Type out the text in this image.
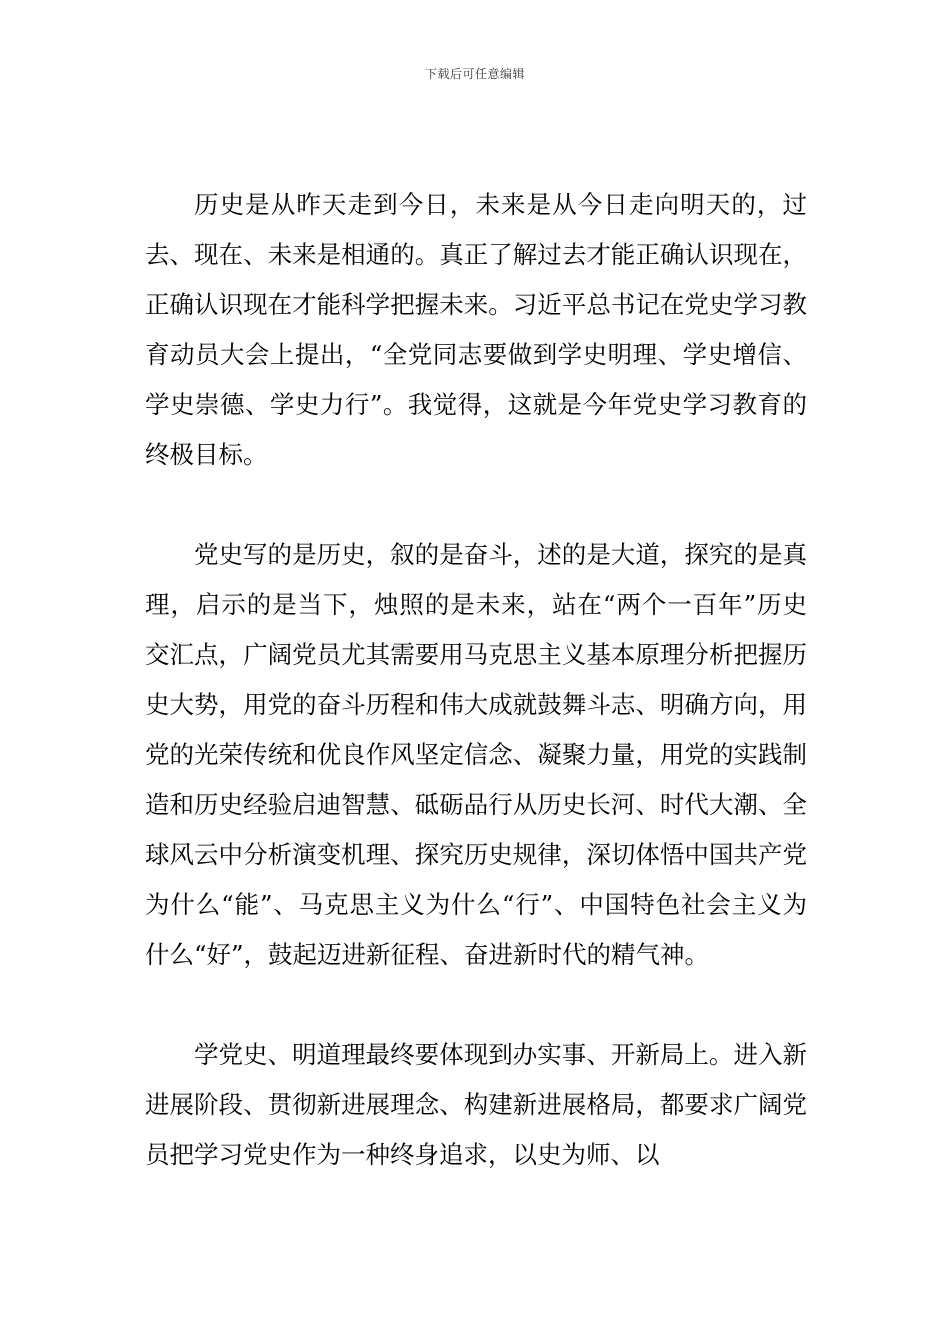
下载后可任意编辑

历史是从昨天走到今日，未来是从今日走向明天的，过去、现在、未来是相通的。真正了解过去才能正确认识现在，正确认识现在才能科学把握未来。习近平总书记在党史学习教育动员大会上提出，“全党同志要做到学史明理、学史增信、学史崇德、学史力行”。我觉得，这就是今年党史学习教育的终极目标。

党史写的是历史，叙的是奋斗，述的是大道，探究的是真理，启示的是当下，烛照的是未来，站在“两个一百年”历史交汇点，广阔党员尤其需要用马克思主义基本原理分析把握历史大势，用党的奋斗历程和伟大成就鼓舞斗志、明确方向，用党的光荣传统和优良作风坚定信念、凝聚力量，用党的实践制造和历史经验启迪智慧、砥砺品行从历史长河、时代大潮、全球风云中分析演变机理、探究历史规律，深切体悟中国共产党为什么“能”、马克思主义为什么“行”、中国特色社会主义为什么“好”，鼓起迈进新征程、奋进新时代的精气神。

学党史、明道理最终要体现到办实事、开新局上。进入新进展阶段、贯彻新进展理念、构建新进展格局，都要求广阔党员把学习党史作为一种终身追求，以史为师、以
